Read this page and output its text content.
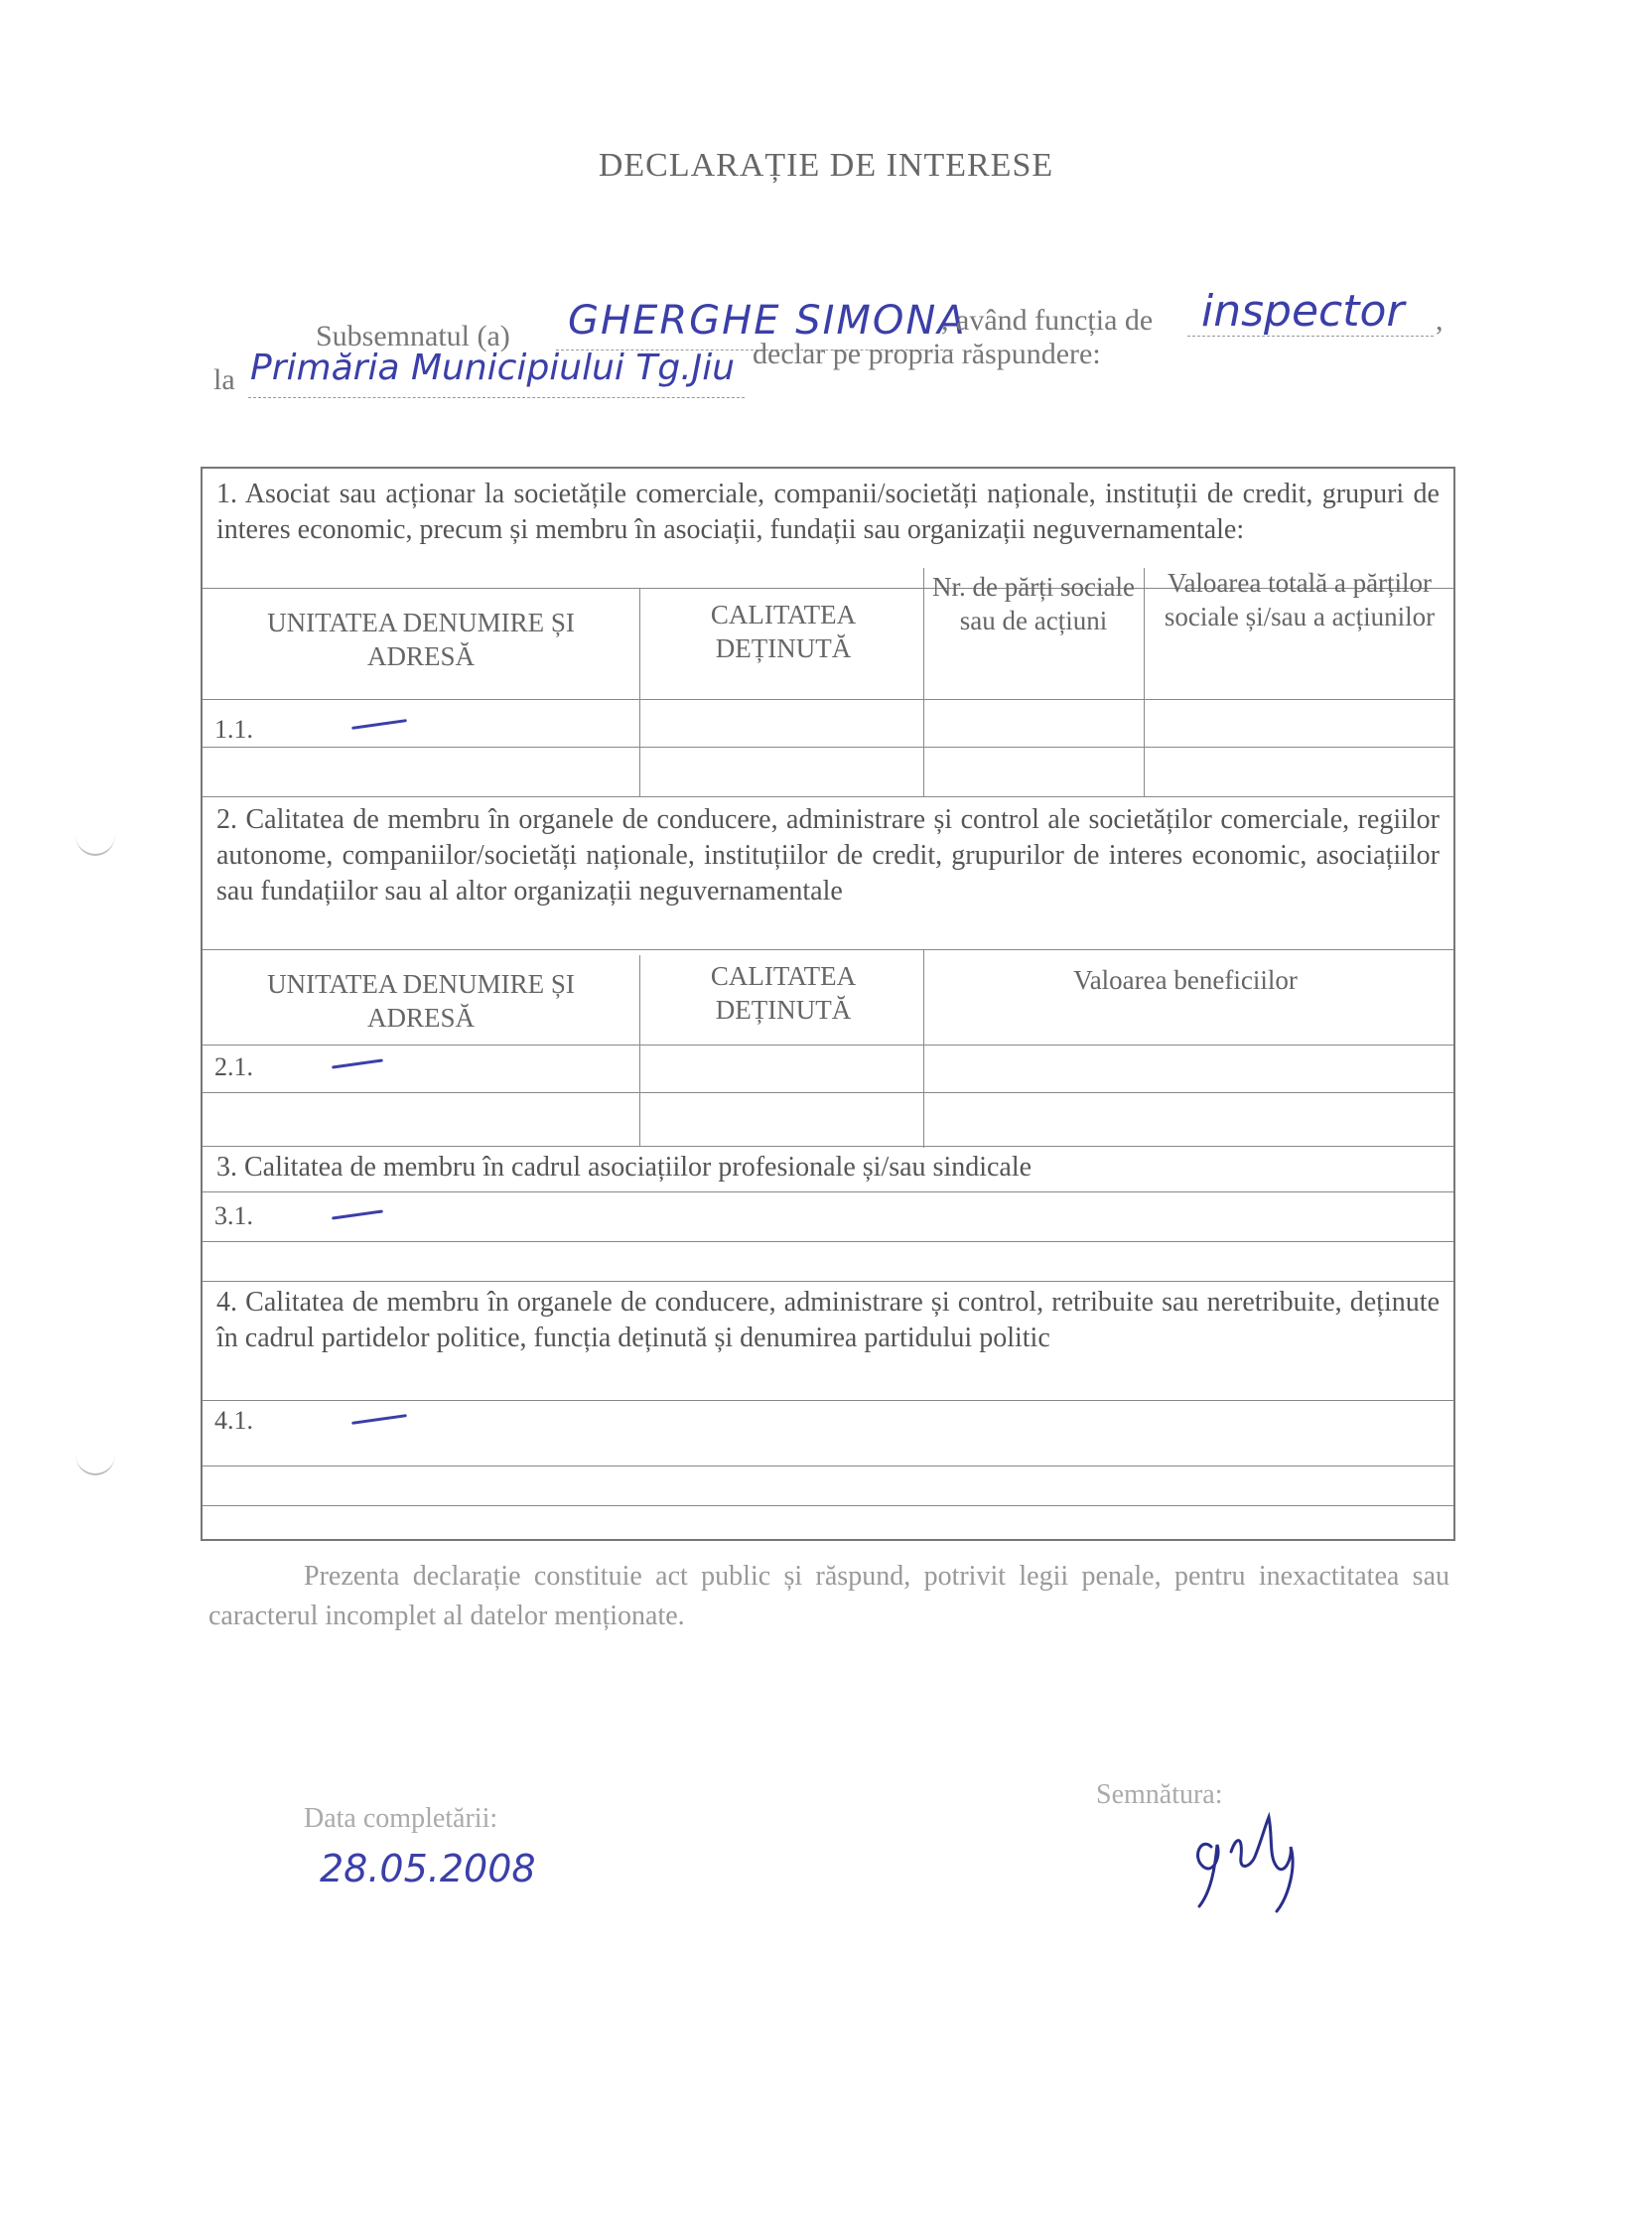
DECLARAȚIE DE INTERESE
Subsemnatul (a) GHERGHE SIMONA
, având funcția de inspector ,
la Primăria Municipiului Tg.Jiu declar pe propria răspundere:
1. Asociat sau acționar la societățile comerciale, companii/societăți naționale, instituții de credit, grupuri de interes economic, precum și membru în asociații, fundații sau organizații neguvernamentale:
UNITATEA DENUMIRE ȘI ADRESĂ
CALITATEA DEȚINUTĂ
Nr. de părți sociale sau de acțiuni
Valoarea totală a părților sociale și/sau a acțiunilor
1.1.
2. Calitatea de membru în organele de conducere, administrare și control ale societăților comerciale, regiilor autonome, companiilor/societăți naționale, instituțiilor de credit, grupurilor de interes economic, asociațiilor sau fundațiilor sau al altor organizații neguvernamentale
UNITATEA DENUMIRE ȘI ADRESĂ
CALITATEA DEȚINUTĂ
Valoarea beneficiilor
2.1.
3. Calitatea de membru în cadrul asociațiilor profesionale și/sau sindicale
3.1.
4. Calitatea de membru în organele de conducere, administrare și control, retribuite sau neretribuite, deținute în cadrul partidelor politice, funcția deținută și denumirea partidului politic
4.1.
Prezenta declarație constituie act public și răspund, potrivit legii penale, pentru inexactitatea sau caracterul incomplet al datelor menționate.
Data completării:
28.05.2008
Semnătura:
